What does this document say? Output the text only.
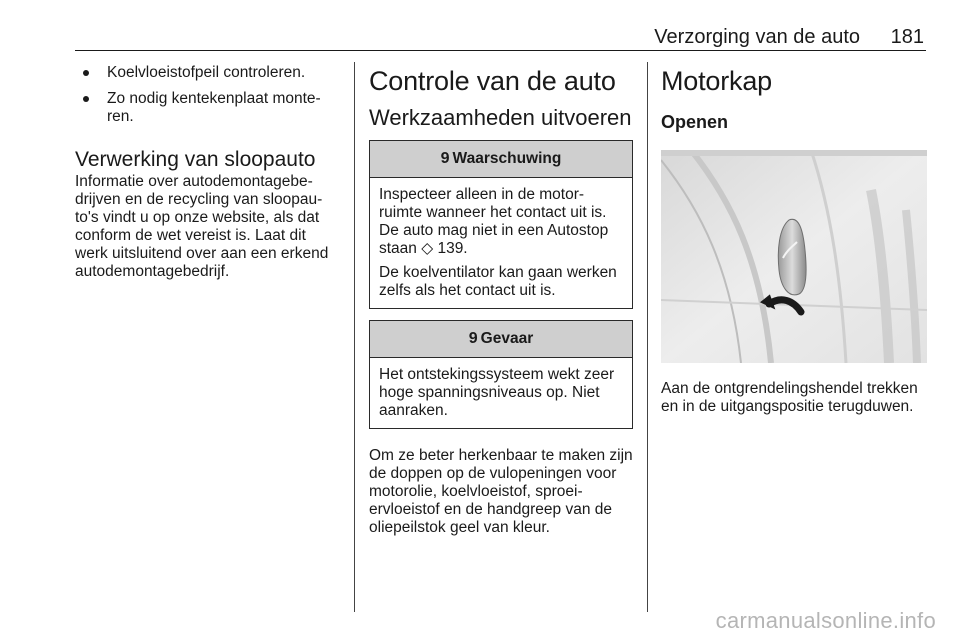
Verzorging van de auto 181
Koelvloeistofpeil controleren.
Zo nodig kentekenplaat monte-ren.
Verwerking van sloopauto

Informatie over autodemontagebe-drijven en de recycling van sloopau-to's vindt u op onze website, als dat conform de wet vereist is. Laat dit werk uitsluitend over aan een erkend autodemontagebedrijf.

Controle van de auto
Werkzaamheden uitvoeren
9 Waarschuwing

Inspecteer alleen in de motor-ruimte wanneer het contact uit is. De auto mag niet in een Autostop staan ◇ 139.

De koelventilator kan gaan werken zelfs als het contact uit is.

9 Gevaar

Het ontstekingssysteem wekt zeer hoge spanningsniveaus op. Niet aanraken.

Om ze beter herkenbaar te maken zijn de doppen op de vulopeningen voor motorolie, koelvloeistof, sproei-ervloeistof en de handgreep van de oliepeilstok geel van kleur.

Motorkap
Openen

Aan de ontgrendelingshendel trekken en in de uitgangspositie terugduwen.

carmanualsonline.info
